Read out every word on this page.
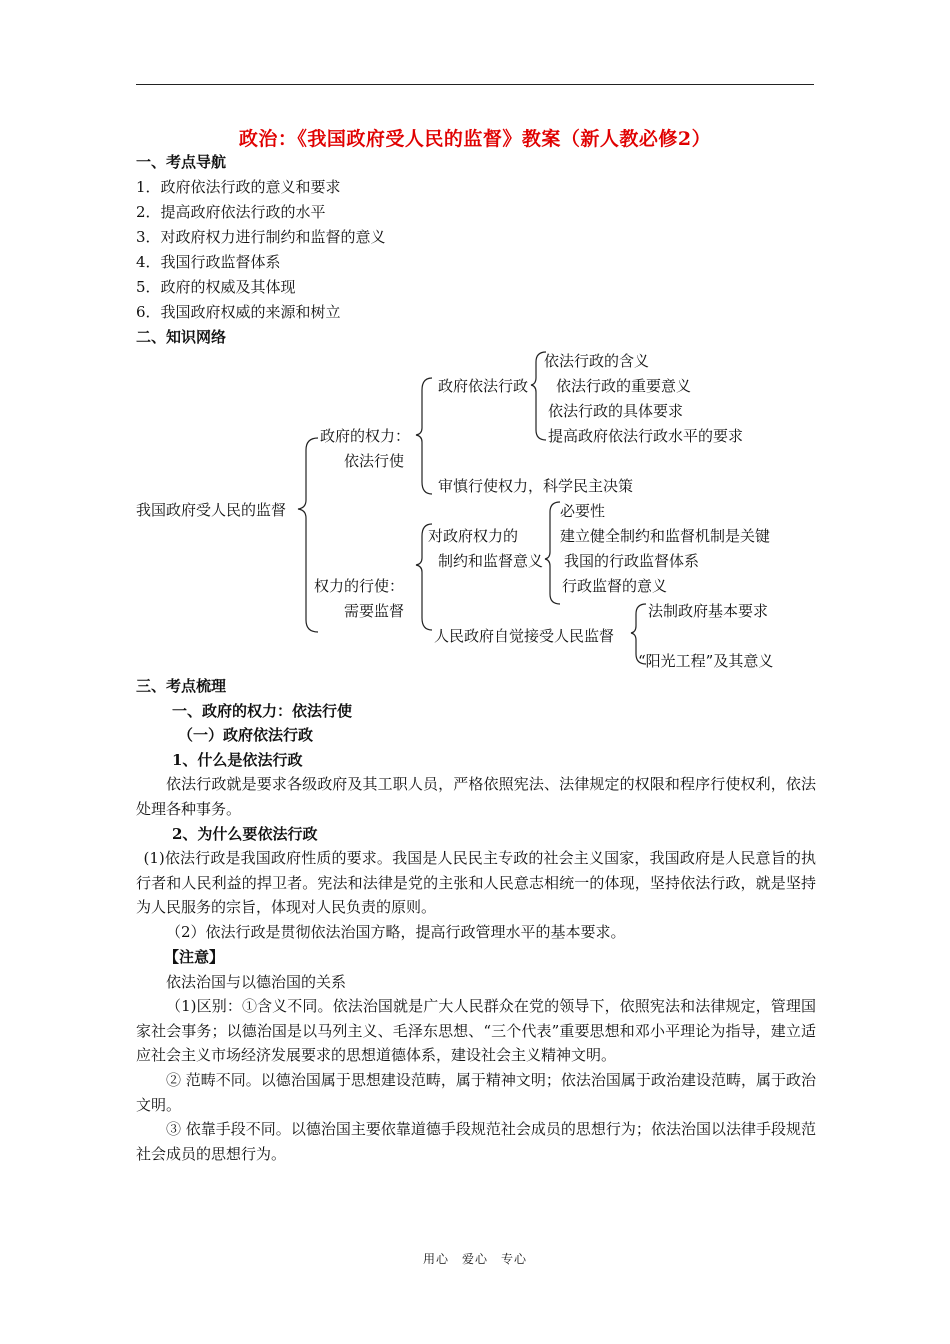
政治：《我国政府受人民的监督》教案（新人教必修2）
一、考点导航
1．政府依法行政的意义和要求
2．提高政府依法行政的水平
3．对政府权力进行制约和监督的意义
4．我国行政监督体系
5．政府的权威及其体现
6．我国政府权威的来源和树立
二、知识网络
我国政府受人民的监督
政府的权力：
依法行使
政府依法行政
依法行政的含义
依法行政的重要意义
依法行政的具体要求
提高政府依法行政水平的要求
审慎行使权力，科学民主决策
权力的行使：
需要监督
对政府权力的
制约和监督意义
必要性
建立健全制约和监督机制是关键
我国的行政监督体系
行政监督的意义
人民政府自觉接受人民监督
法制政府基本要求
“阳光工程”及其意义
三、考点梳理
一、政府的权力：依法行使
（一）政府依法行政
1、什么是依法行政
依法行政就是要求各级政府及其工职人员，严格依照宪法、法律规定的权限和程序行使权利，依法处理各种事务。
2、为什么要依法行政
(1)依法行政是我国政府性质的要求。我国是人民民主专政的社会主义国家，我国政府是人民意旨的执行者和人民利益的捍卫者。宪法和法律是党的主张和人民意志相统一的体现，坚持依法行政，就是坚持为人民服务的宗旨，体现对人民负责的原则。
（2）依法行政是贯彻依法治国方略，提高行政管理水平的基本要求。
【注意】
依法治国与以德治国的关系
（1)区别：①含义不同。依法治国就是广大人民群众在党的领导下，依照宪法和法律规定，管理国家社会事务；以德治国是以马列主义、毛泽东思想、“三个代表”重要思想和邓小平理论为指导，建立适应社会主义市场经济发展要求的思想道德体系，建设社会主义精神文明。
② 范畴不同。以德治国属于思想建设范畴，属于精神文明；依法治国属于政治建设范畴，属于政治文明。
③ 依靠手段不同。以德治国主要依靠道德手段规范社会成员的思想行为；依法治国以法律手段规范社会成员的思想行为。
用心　爱心　专心
